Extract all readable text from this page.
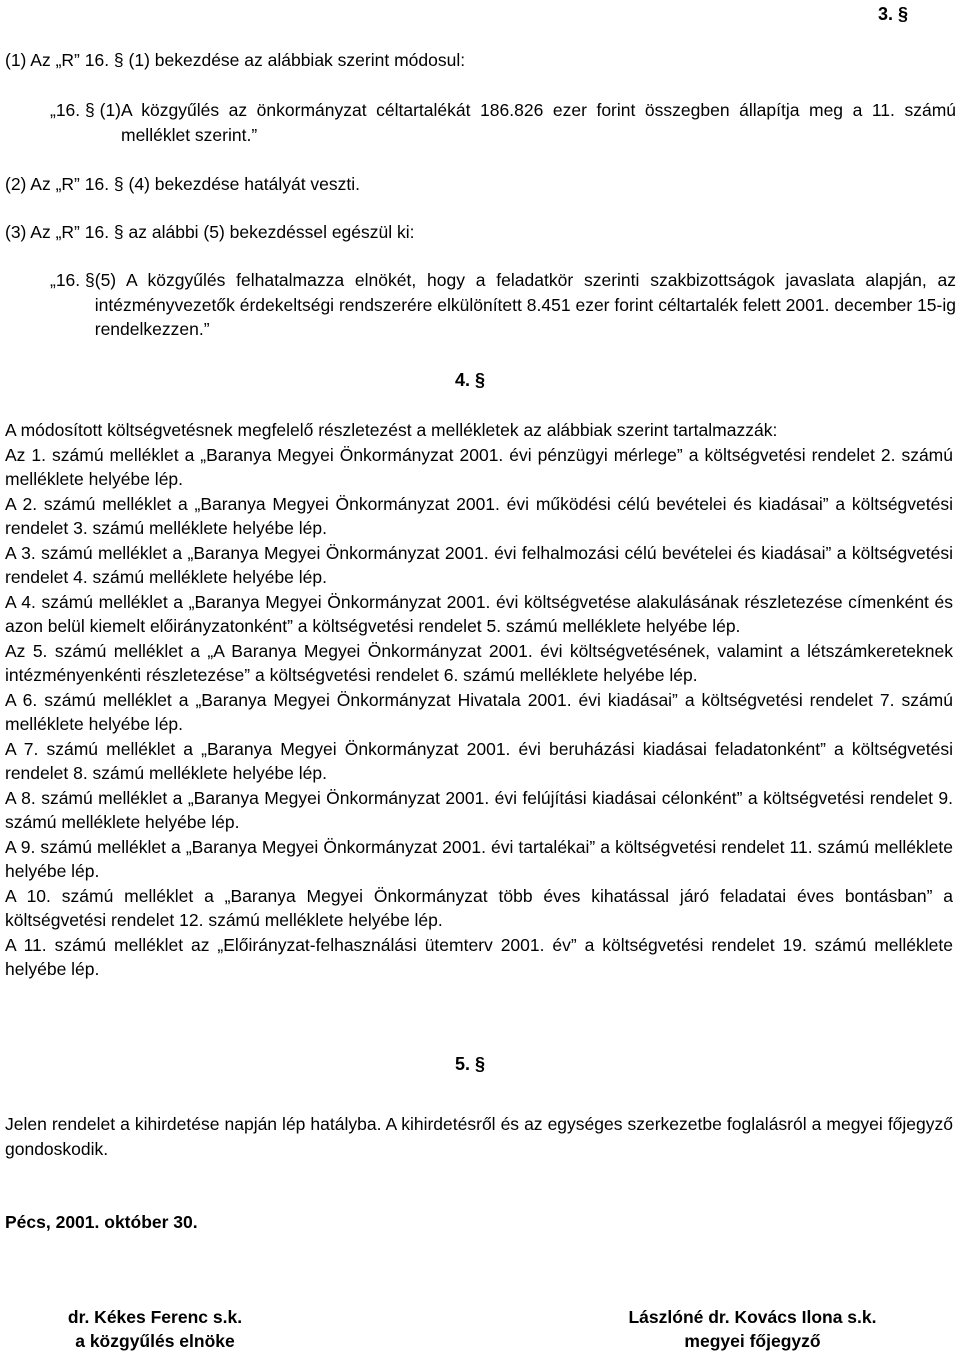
3. §

(1) Az „R” 16. § (1) bekezdése az alábbiak szerint módosul:

„16. § (1) A közgyűlés az önkormányzat céltartalékát 186.826 ezer forint összegben állapítja meg a 11. számú melléklet szerint.”

(2) Az „R” 16. § (4) bekezdése hatályát veszti.

(3) Az „R” 16. § az alábbi (5) bekezdéssel egészül ki:

„16. § (5) A közgyűlés felhatalmazza elnökét, hogy a feladatkör szerinti szakbizottságok javaslata alapján, az intézményvezetők érdekeltségi rendszerére elkülönített 8.451 ezer forint céltartalék felett 2001. december 15-ig rendelkezzen.”
4. §

A módosított költségvetésnek megfelelő részletezést a mellékletek az alábbiak szerint tartalmazzák:

Az 1. számú melléklet a „Baranya Megyei Önkormányzat 2001. évi pénzügyi mérlege” a költségvetési rendelet 2. számú melléklete helyébe lép.

A 2. számú melléklet a „Baranya Megyei Önkormányzat 2001. évi működési célú bevételei és kiadásai” a költségvetési rendelet 3. számú melléklete helyébe lép.

A 3. számú melléklet a „Baranya Megyei Önkormányzat 2001. évi felhalmozási célú bevételei és kiadásai” a költségvetési rendelet 4. számú melléklete helyébe lép.

A 4. számú melléklet a „Baranya Megyei Önkormányzat 2001. évi költségvetése alakulásának részletezése címenként és azon belül kiemelt előirányzatonként” a költségvetési rendelet 5. számú melléklete helyébe lép.

Az 5. számú melléklet a „A Baranya Megyei Önkormányzat 2001. évi költségvetésének, valamint a létszámkereteknek intézményenkénti részletezése” a költségvetési rendelet 6. számú melléklete helyébe lép.

A 6. számú melléklet a „Baranya Megyei Önkormányzat Hivatala 2001. évi kiadásai” a költségvetési rendelet 7. számú melléklete helyébe lép.

A 7. számú melléklet a „Baranya Megyei Önkormányzat 2001. évi beruházási kiadásai feladatonként” a költségvetési rendelet 8. számú melléklete helyébe lép.

A 8. számú melléklet a „Baranya Megyei Önkormányzat 2001. évi felújítási kiadásai célonként” a költségvetési rendelet 9. számú melléklete helyébe lép.

A 9. számú melléklet a „Baranya Megyei Önkormányzat 2001. évi tartalékai” a költségvetési rendelet 11. számú melléklete helyébe lép.

A 10. számú melléklet a „Baranya Megyei Önkormányzat több éves kihatással járó feladatai éves bontásban” a költségvetési rendelet 12. számú melléklete helyébe lép.

A 11. számú melléklet az „Előirányzat-felhasználási ütemterv 2001. év” a költségvetési rendelet 19. számú melléklete helyébe lép.

5. §

Jelen rendelet a kihirdetése napján lép hatályba. A kihirdetésről és az egységes szerkezetbe foglalásról a megyei főjegyző gondoskodik.

Pécs, 2001. október 30.
dr. Kékes Ferenc s.k.
a közgyűlés elnöke
Lászlóné dr. Kovács Ilona s.k.
megyei főjegyző
